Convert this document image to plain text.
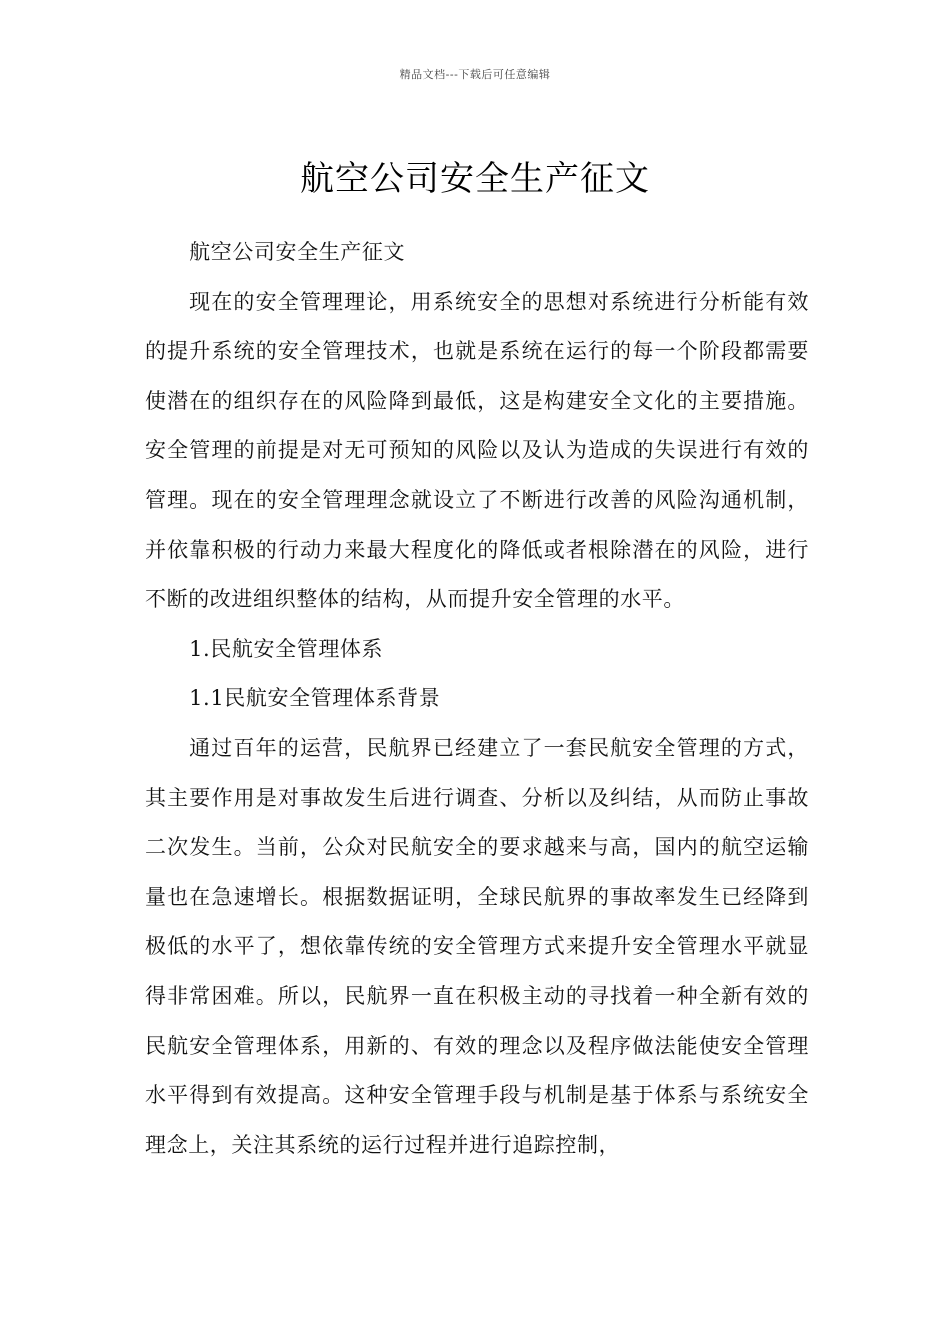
精品文档---下载后可任意编辑
航空公司安全生产征文

航空公司安全生产征文

现在的安全管理理论，用系统安全的思想对系统进行分析能有效的提升系统的安全管理技术，也就是系统在运行的每一个阶段都需要使潜在的组织存在的风险降到最低，这是构建安全文化的主要措施。安全管理的前提是对无可预知的风险以及认为造成的失误进行有效的管理。现在的安全管理理念就设立了不断进行改善的风险沟通机制，并依靠积极的行动力来最大程度化的降低或者根除潜在的风险，进行不断的改进组织整体的结构，从而提升安全管理的水平。

1.民航安全管理体系

1.1民航安全管理体系背景

通过百年的运营，民航界已经建立了一套民航安全管理的方式，其主要作用是对事故发生后进行调查、分析以及纠结，从而防止事故二次发生。当前，公众对民航安全的要求越来与高，国内的航空运输量也在急速增长。根据数据证明，全球民航界的事故率发生已经降到极低的水平了，想依靠传统的安全管理方式来提升安全管理水平就显得非常困难。所以，民航界一直在积极主动的寻找着一种全新有效的民航安全管理体系，用新的、有效的理念以及程序做法能使安全管理水平得到有效提高。这种安全管理手段与机制是基于体系与系统安全理念上，关注其系统的运行过程并进行追踪控制，
